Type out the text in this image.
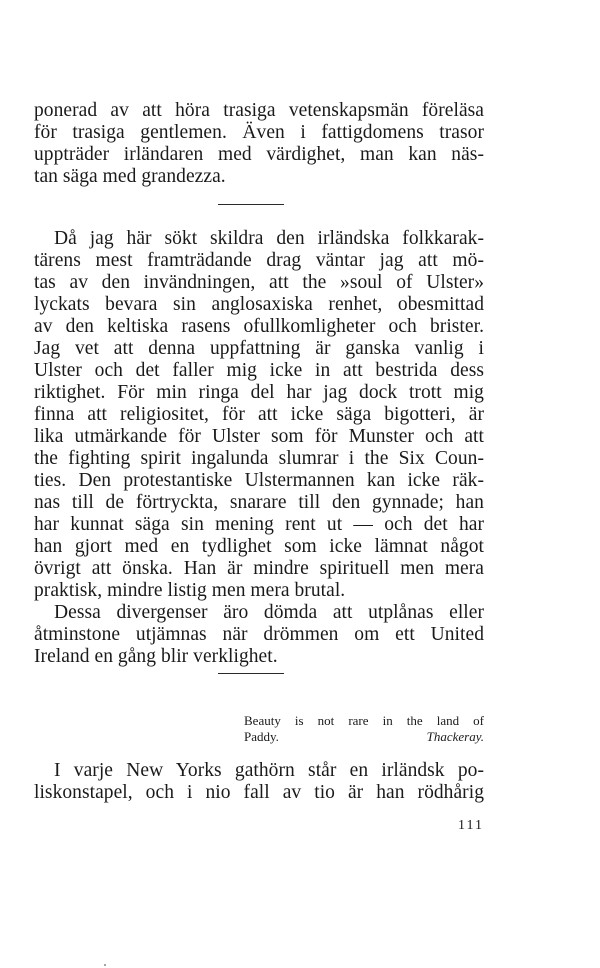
ponerad av att höra trasiga vetenskapsmän föreläsa
för trasiga gentlemen. Även i fattigdomens trasor
uppträder irländaren med värdighet, man kan näs-
tan säga med grandezza.
Då jag här sökt skildra den irländska folkkarak-
tärens mest framträdande drag väntar jag att mö-
tas av den invändningen, att the »soul of Ulster»
lyckats bevara sin anglosaxiska renhet, obesmittad
av den keltiska rasens ofullkomligheter och brister.
Jag vet att denna uppfattning är ganska vanlig i
Ulster och det faller mig icke in att bestrida dess
riktighet. För min ringa del har jag dock trott mig
finna att religiositet, för att icke säga bigotteri, är
lika utmärkande för Ulster som för Munster och att
the fighting spirit ingalunda slumrar i the Six Coun-
ties. Den protestantiske Ulstermannen kan icke räk-
nas till de förtryckta, snarare till den gynnade; han
har kunnat säga sin mening rent ut — och det har
han gjort med en tydlighet som icke lämnat något
övrigt att önska. Han är mindre spirituell men mera
praktisk, mindre listig men mera brutal.
Dessa divergenser äro dömda att utplånas eller
åtminstone utjämnas när drömmen om ett United
Ireland en gång blir verklighet.
Beauty is not rare in the land of
Paddy.	Thackeray.
I varje New Yorks gathörn står en irländsk po-
liskonstapel, och i nio fall av tio är han rödhårig
111
